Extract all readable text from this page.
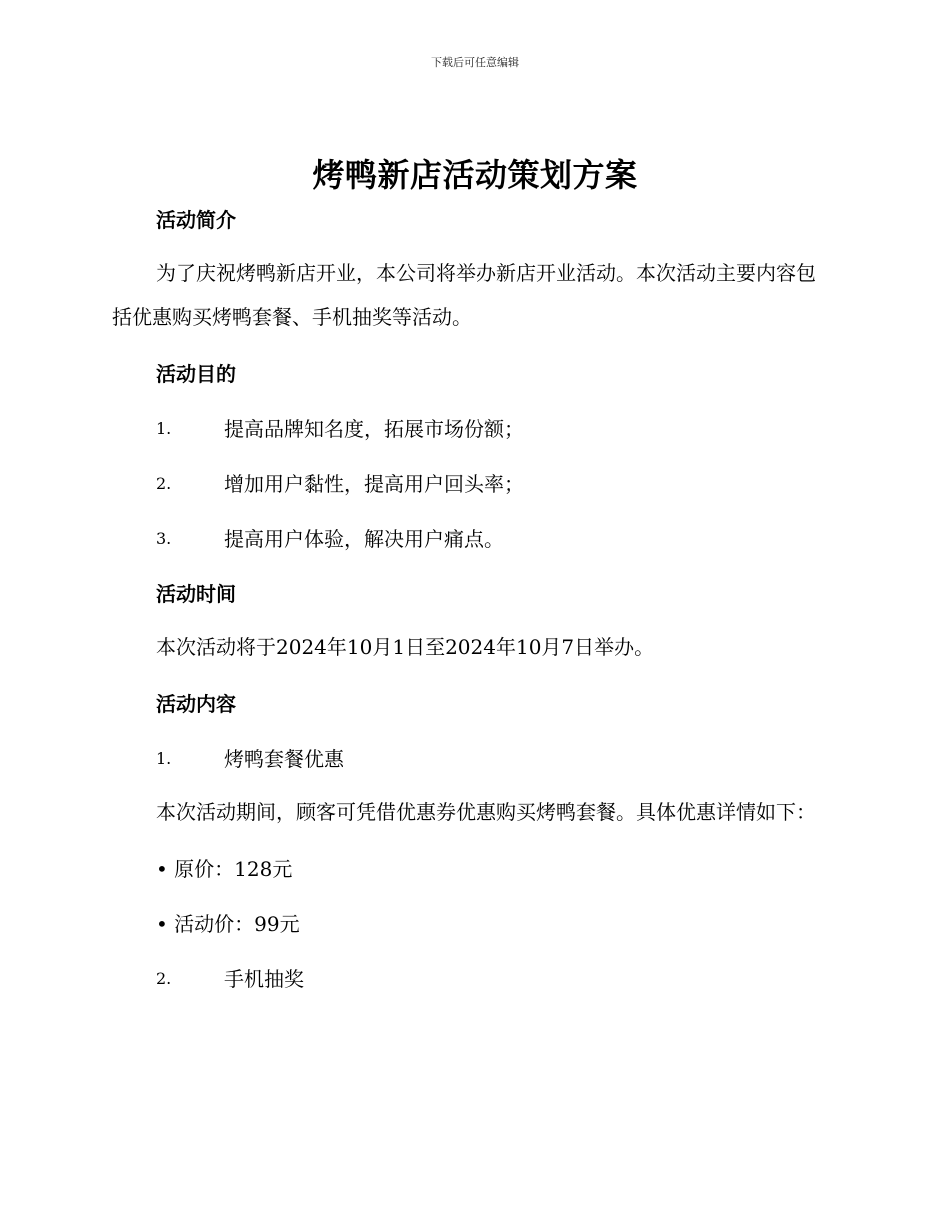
下载后可任意编辑
烤鸭新店活动策划方案
活动简介
为了庆祝烤鸭新店开业，本公司将举办新店开业活动。本次活动主要内容包括优惠购买烤鸭套餐、手机抽奖等活动。
活动目的
1.	提高品牌知名度，拓展市场份额；
2.	增加用户黏性，提高用户回头率；
3.	提高用户体验，解决用户痛点。
活动时间
本次活动将于2024年10月1日至2024年10月7日举办。
活动内容
1.	烤鸭套餐优惠
本次活动期间，顾客可凭借优惠券优惠购买烤鸭套餐。具体优惠详情如下：
• 原价：128元
• 活动价：99元
2.	手机抽奖
